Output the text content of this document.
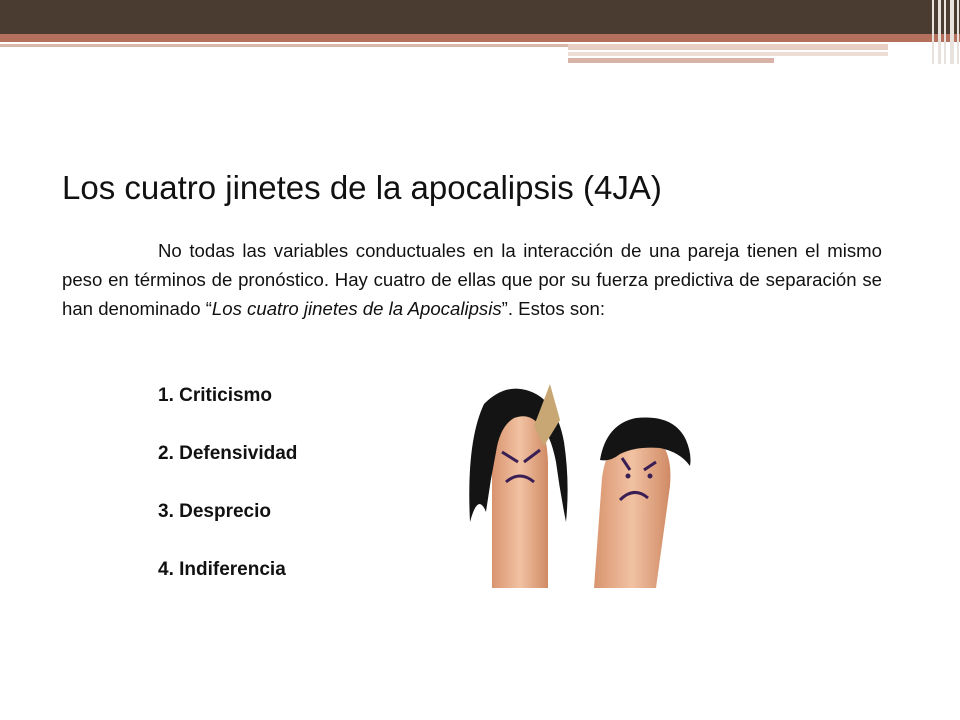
Los cuatro jinetes de la apocalipsis (4JA)
No todas las variables conductuales en la interacción de una pareja tienen el mismo peso en términos de pronóstico. Hay cuatro de ellas que por su fuerza predictiva de separación se han denominado “Los cuatro jinetes de la Apocalipsis”. Estos son:
1. Criticismo
2. Defensividad
3. Desprecio
4. Indiferencia
